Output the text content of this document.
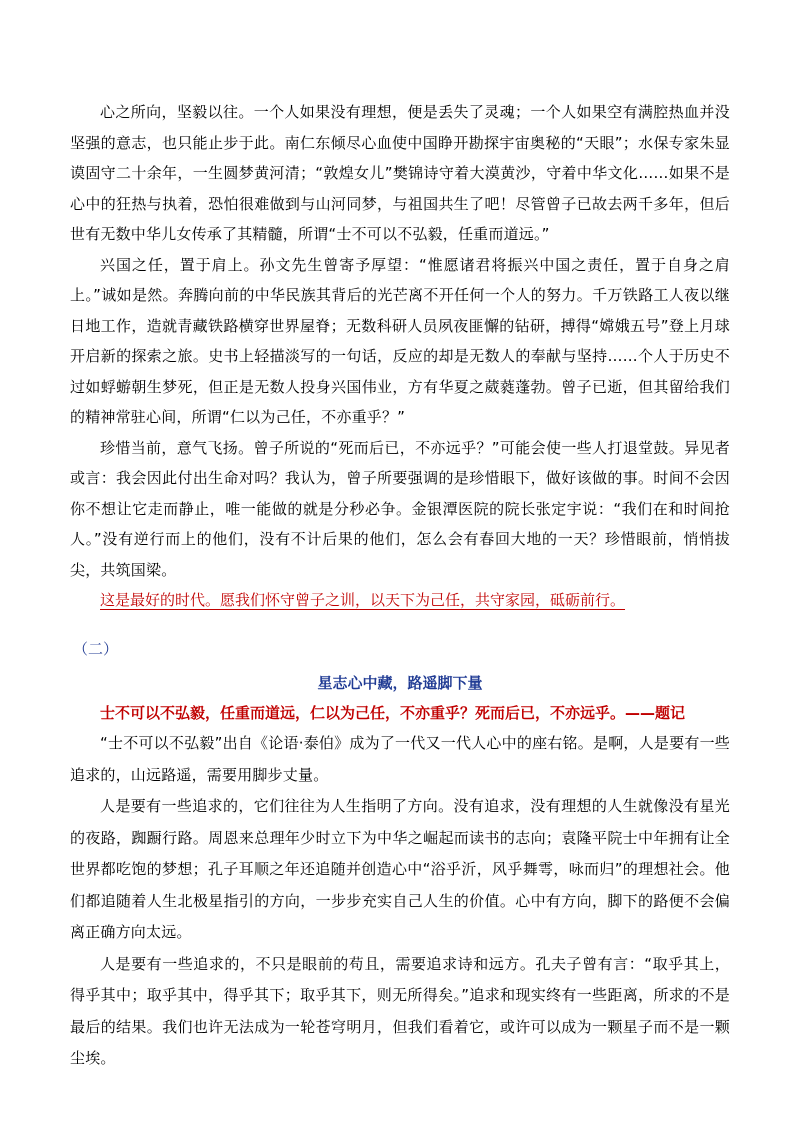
心之所向，坚毅以往。一个人如果没有理想，便是丢失了灵魂；一个人如果空有满腔热血并没坚强的意志，也只能止步于此。南仁东倾尽心血使中国睁开勘探宇宙奥秘的“天眼”；水保专家朱显谟固守二十余年，一生圆梦黄河清；“敦煌女儿”樊锦诗守着大漠黄沙，守着中华文化……如果不是心中的狂热与执着，恐怕很难做到与山河同梦，与祖国共生了吧！尽管曾子已故去两千多年，但后世有无数中华儿女传承了其精髓，所谓“士不可以不弘毅，任重而道远。”

兴国之任，置于肩上。孙文先生曾寄予厚望：“惟愿诸君将振兴中国之责任，置于自身之肩上。”诚如是然。奔腾向前的中华民族其背后的光芒离不开任何一个人的努力。千万铁路工人夜以继日地工作，造就青藏铁路横穿世界屋脊；无数科研人员夙夜匪懈的钻研，搏得“嫦娥五号”登上月球开启新的探索之旅。史书上轻描淡写的一句话，反应的却是无数人的奉献与坚持……个人于历史不过如蜉蝣朝生梦死，但正是无数人投身兴国伟业，方有华夏之葳蕤蓬勃。曾子已逝，但其留给我们的精神常驻心间，所谓“仁以为己任，不亦重乎？”

珍惜当前，意气飞扬。曾子所说的“死而后已，不亦远乎？”可能会使一些人打退堂鼓。异见者或言：我会因此付出生命对吗？我认为，曾子所要强调的是珍惜眼下，做好该做的事。时间不会因你不想让它走而静止，唯一能做的就是分秒必争。金银潭医院的院长张定宇说：“我们在和时间抢人。”没有逆行而上的他们，没有不计后果的他们，怎么会有春回大地的一天？珍惜眼前，悄悄拔尖，共筑国梁。

这是最好的时代。愿我们怀守曾子之训，以天下为己任，共守家园，砥砺前行。

（二）

星志心中藏，路遥脚下量

士不可以不弘毅，任重而道远，仁以为己任，不亦重乎？死而后已，不亦远乎。——题记

“士不可以不弘毅”出自《论语·泰伯》成为了一代又一代人心中的座右铭。是啊，人是要有一些追求的，山远路遥，需要用脚步丈量。

人是要有一些追求的，它们往往为人生指明了方向。没有追求，没有理想的人生就像没有星光的夜路，踟蹰行路。周恩来总理年少时立下为中华之崛起而读书的志向；袁隆平院士中年拥有让全世界都吃饱的梦想；孔子耳顺之年还追随并创造心中“浴乎沂，风乎舞雩，咏而归”的理想社会。他们都追随着人生北极星指引的方向，一步步充实自己人生的价值。心中有方向，脚下的路便不会偏离正确方向太远。

人是要有一些追求的，不只是眼前的苟且，需要追求诗和远方。孔夫子曾有言：“取乎其上，得乎其中；取乎其中，得乎其下；取乎其下，则无所得矣。”追求和现实终有一些距离，所求的不是最后的结果。我们也许无法成为一轮苍穹明月，但我们看着它，或许可以成为一颗星子而不是一颗尘埃。
